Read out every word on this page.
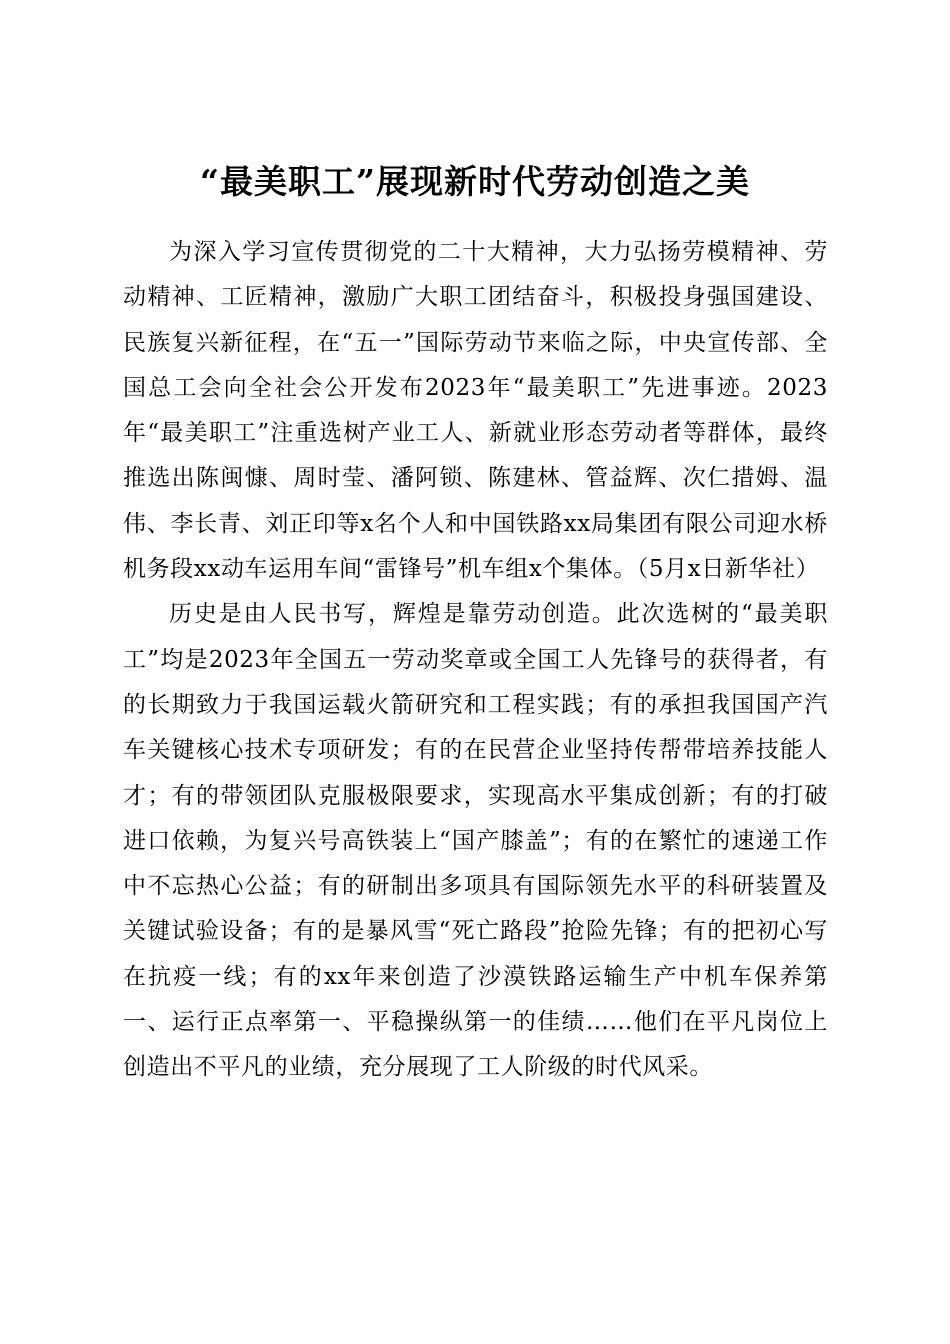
“最美职工”展现新时代劳动创造之美

为深入学习宣传贯彻党的二十大精神，大力弘扬劳模精神、劳动精神、工匠精神，激励广大职工团结奋斗，积极投身强国建设、民族复兴新征程，在“五一”国际劳动节来临之际，中央宣传部、全国总工会向全社会公开发布2023年“最美职工”先进事迹。2023年“最美职工”注重选树产业工人、新就业形态劳动者等群体，最终推选出陈闽慷、周时莹、潘阿锁、陈建林、管益辉、次仁措姆、温伟、李长青、刘正印等x名个人和中国铁路xx局集团有限公司迎水桥机务段xx动车运用车间“雷锋号”机车组x个集体。（5月x日新华社）

历史是由人民书写，辉煌是靠劳动创造。此次选树的“最美职工”均是2023年全国五一劳动奖章或全国工人先锋号的获得者，有的长期致力于我国运载火箭研究和工程实践；有的承担我国国产汽车关键核心技术专项研发；有的在民营企业坚持传帮带培养技能人才；有的带领团队克服极限要求，实现高水平集成创新；有的打破进口依赖，为复兴号高铁装上“国产膝盖”；有的在繁忙的速递工作中不忘热心公益；有的研制出多项具有国际领先水平的科研装置及关键试验设备；有的是暴风雪“死亡路段”抢险先锋；有的把初心写在抗疫一线；有的xx年来创造了沙漠铁路运输生产中机车保养第一、运行正点率第一、平稳操纵第一的佳绩……他们在平凡岗位上创造出不平凡的业绩，充分展现了工人阶级的时代风采。
